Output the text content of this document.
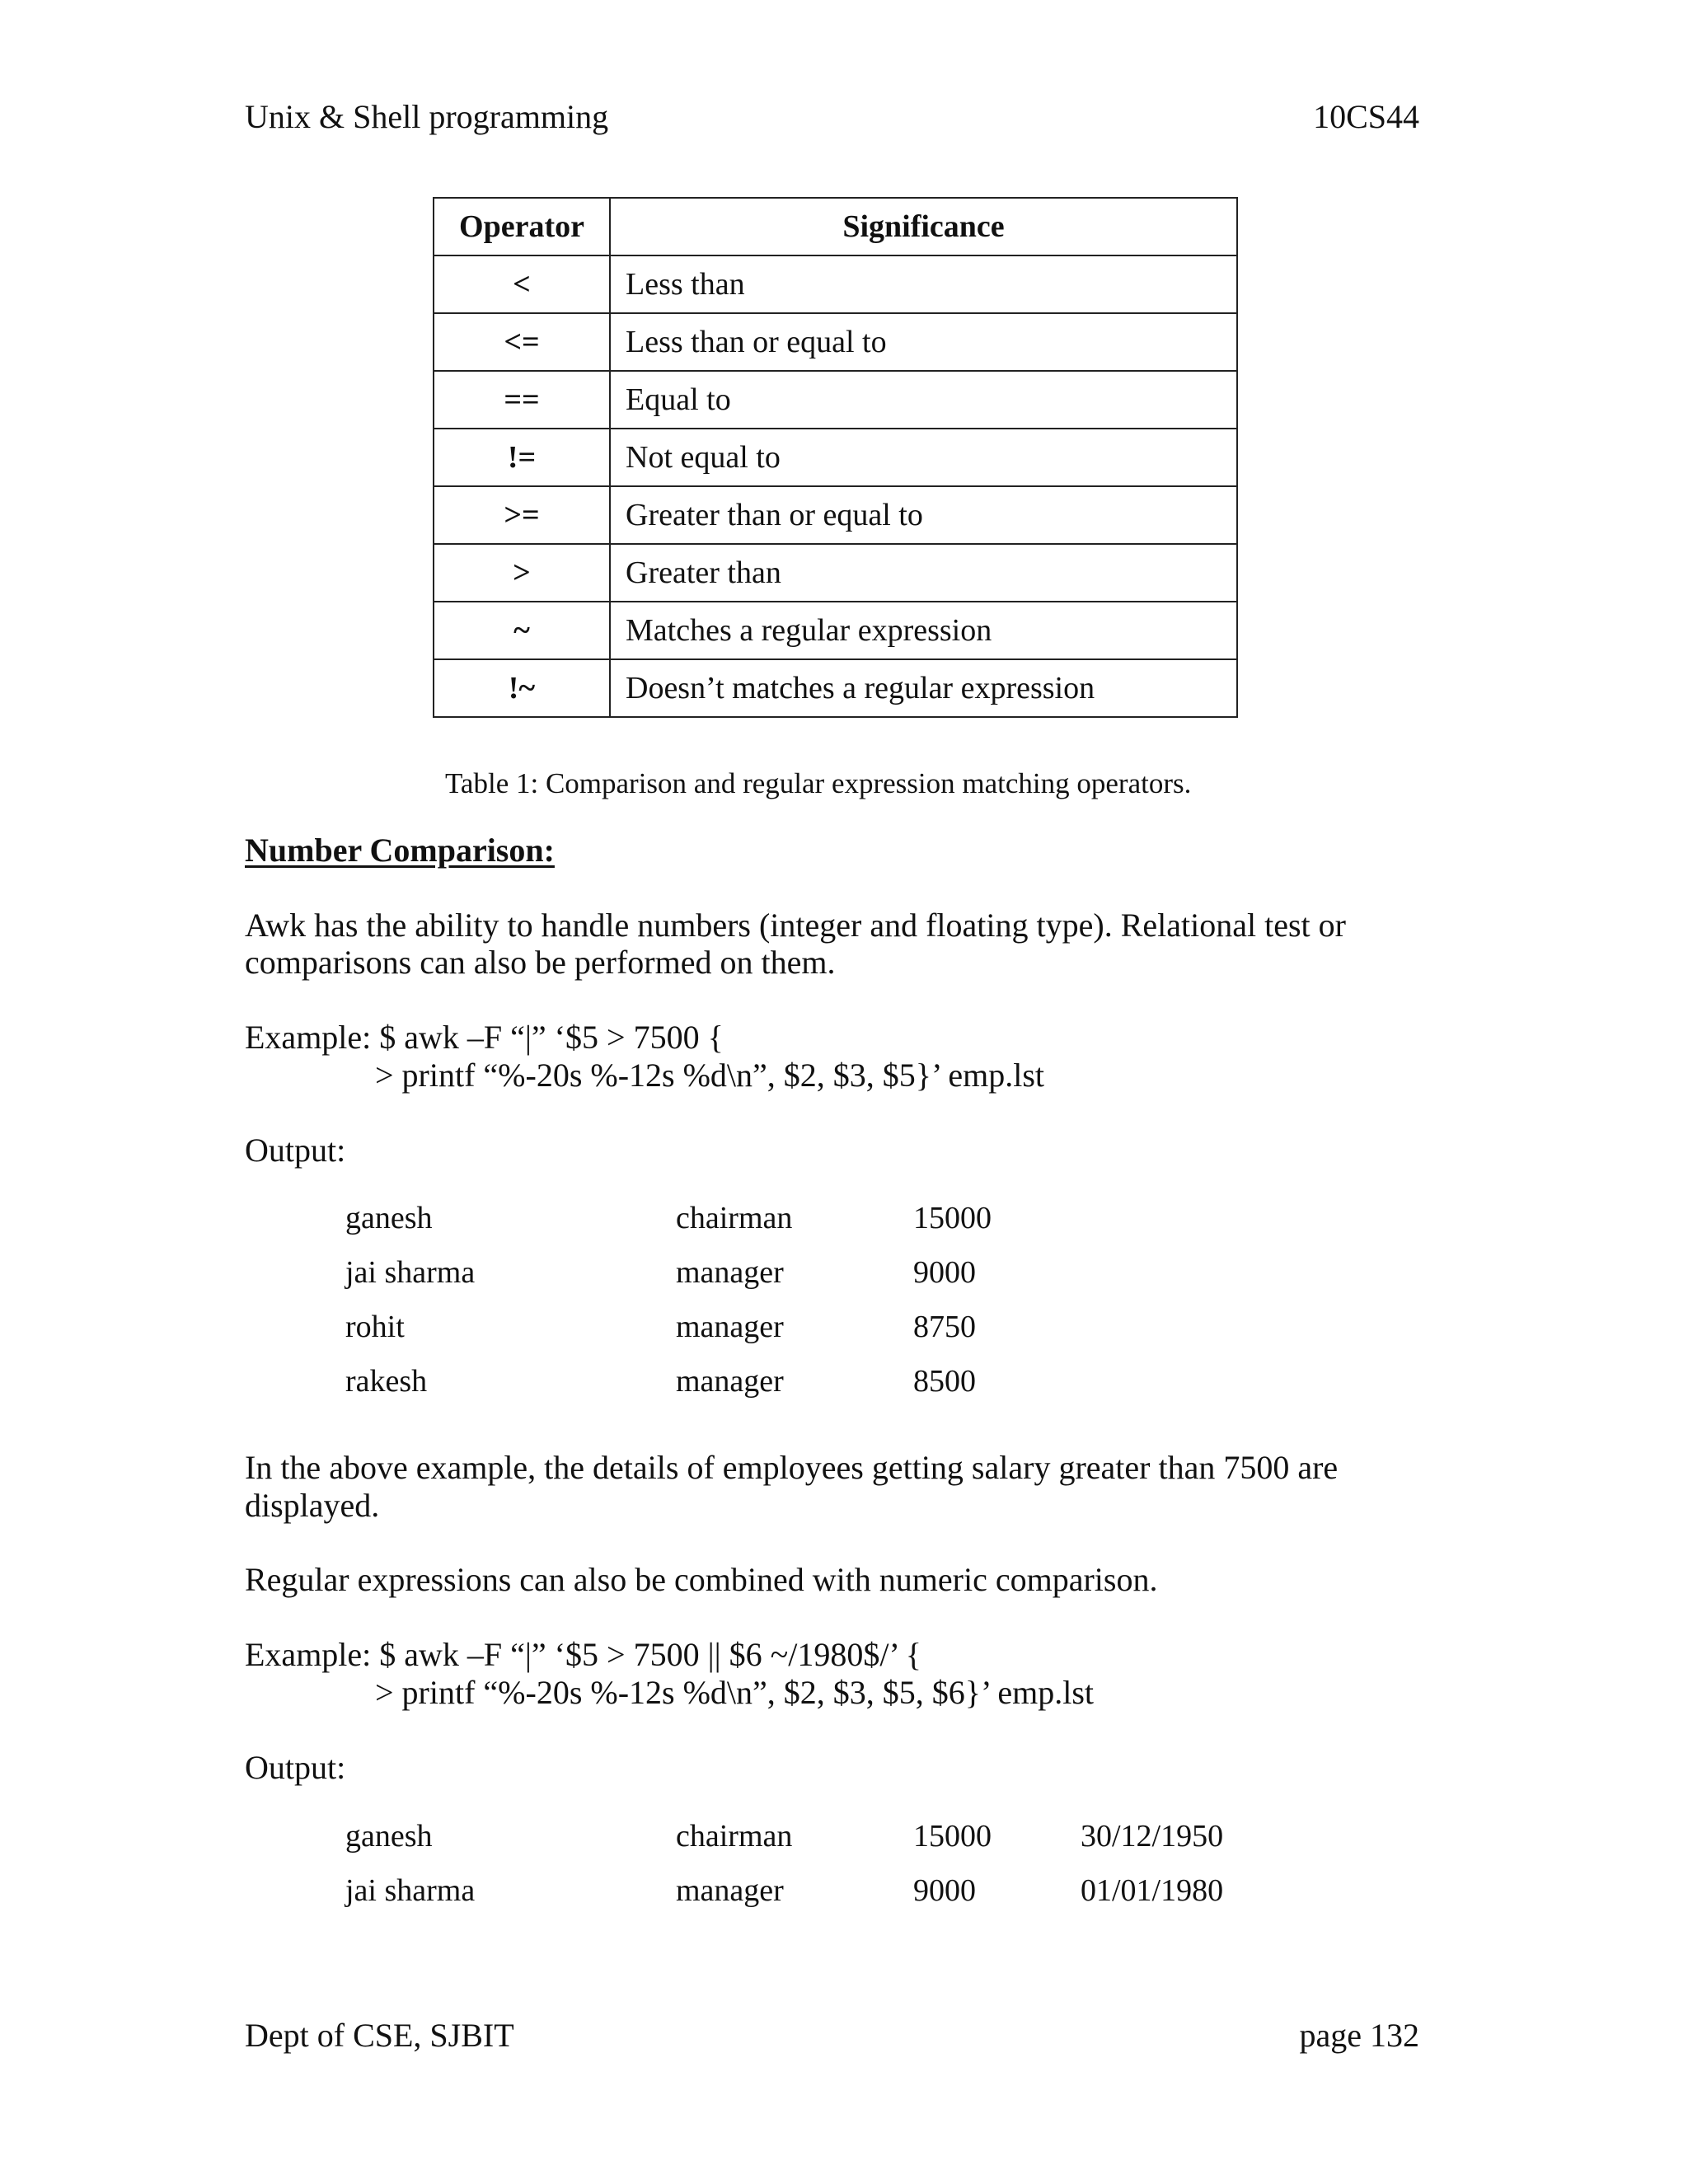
Unix & Shell programming	10CS44
Operator	Significance
<	Less than
<=	Less than or equal to
==	Equal to
!=	Not equal to
>=	Greater than or equal to
>	Greater than
~	Matches a regular expression
!~	Doesn’t matches a regular expression
Table 1: Comparison and regular expression matching operators.
Number Comparison:
Awk has the ability to handle numbers (integer and floating type). Relational test or
comparisons can also be performed on them.
Example: $ awk –F “|” ‘$5 > 7500 {
> printf “%-20s %-12s %d\n”, $2, $3, $5}’ emp.lst
Output:
ganesh	chairman	15000
jai sharma	manager	9000
rohit	manager	8750
rakesh	manager	8500
In the above example, the details of employees getting salary greater than 7500 are
displayed.
Regular expressions can also be combined with numeric comparison.
Example: $ awk –F “|” ‘$5 > 7500 || $6 ~/1980$/’ {
> printf “%-20s %-12s %d\n”, $2, $3, $5, $6}’ emp.lst
Output:
ganesh	chairman	15000	30/12/1950
jai sharma	manager	9000	01/01/1980
Dept of CSE, SJBIT	page 132
